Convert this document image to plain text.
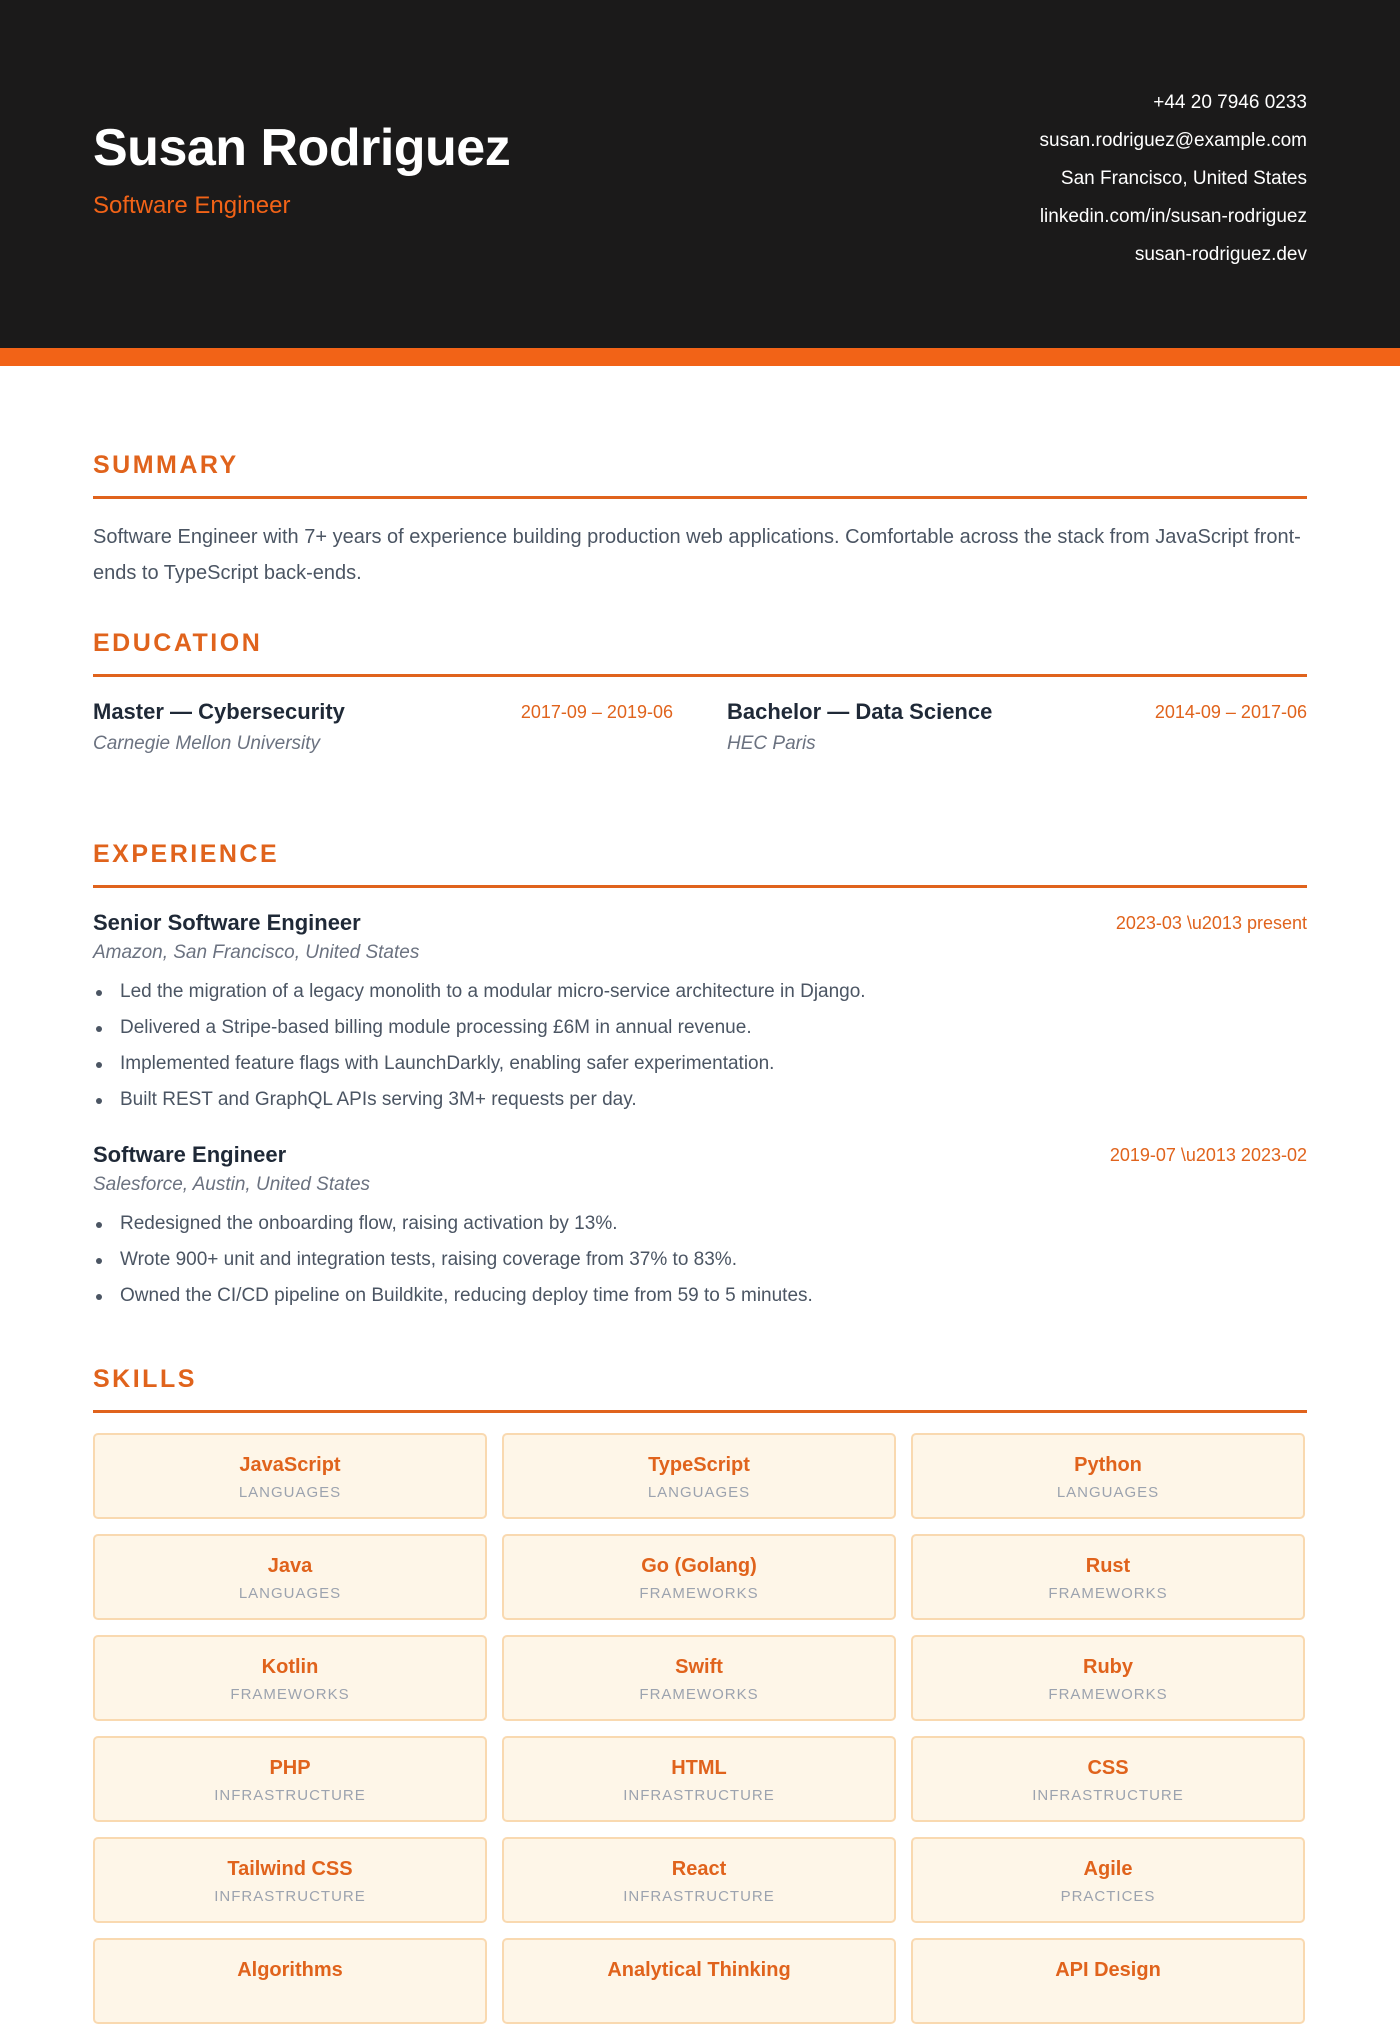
Susan Rodriguez
Software Engineer
+44 20 7946 0233
susan.rodriguez@example.com
San Francisco, United States
linkedin.com/in/susan-rodriguez
susan-rodriguez.dev
SUMMARY

Software Engineer with 7+ years of experience building production web applications. Comfortable across the stack from JavaScript front-ends to TypeScript back-ends.

EDUCATION
Master — Cybersecurity	2017-09 – 2019-06
Carnegie Mellon University
Bachelor — Data Science	2014-09 – 2017-06
HEC Paris
EXPERIENCE
Senior Software Engineer	2023-03 \u2013 present
Amazon, San Francisco, United States
Led the migration of a legacy monolith to a modular micro-service architecture in Django.
Delivered a Stripe-based billing module processing £6M in annual revenue.
Implemented feature flags with LaunchDarkly, enabling safer experimentation.
Built REST and GraphQL APIs serving 3M+ requests per day.
Software Engineer	2019-07 \u2013 2023-02
Salesforce, Austin, United States
Redesigned the onboarding flow, raising activation by 13%.
Wrote 900+ unit and integration tests, raising coverage from 37% to 83%.
Owned the CI/CD pipeline on Buildkite, reducing deploy time from 59 to 5 minutes.
SKILLS
JavaScript
LANGUAGES
TypeScript
LANGUAGES
Python
LANGUAGES
Java
LANGUAGES
Go (Golang)
FRAMEWORKS
Rust
FRAMEWORKS
Kotlin
FRAMEWORKS
Swift
FRAMEWORKS
Ruby
FRAMEWORKS
PHP
INFRASTRUCTURE
HTML
INFRASTRUCTURE
CSS
INFRASTRUCTURE
Tailwind CSS
INFRASTRUCTURE
React
INFRASTRUCTURE
Agile
PRACTICES
Algorithms	Analytical Thinking	API Design
